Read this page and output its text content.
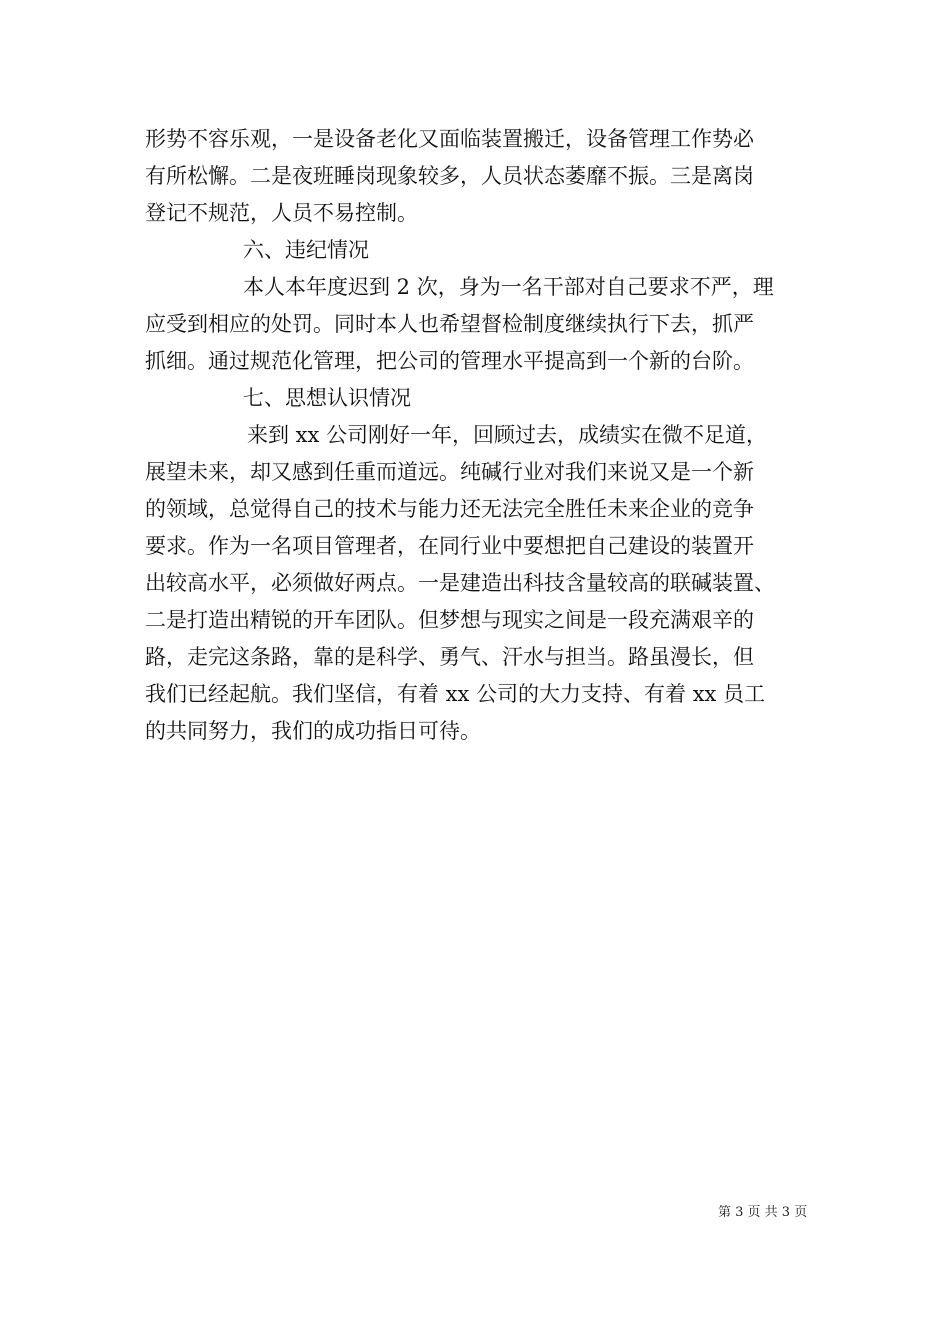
形势不容乐观，一是设备老化又面临装置搬迁，设备管理工作势必
有所松懈。二是夜班睡岗现象较多，人员状态萎靡不振。三是离岗
登记不规范，人员不易控制。
六、违纪情况
本人本年度迟到 2 次，身为一名干部对自己要求不严，理
应受到相应的处罚。同时本人也希望督检制度继续执行下去，抓严
抓细。通过规范化管理，把公司的管理水平提高到一个新的台阶。
七、思想认识情况
来到 xx 公司刚好一年，回顾过去，成绩实在微不足道，
展望未来，却又感到任重而道远。纯碱行业对我们来说又是一个新
的领域，总觉得自己的技术与能力还无法完全胜任未来企业的竞争
要求。作为一名项目管理者，在同行业中要想把自己建设的装置开
出较高水平，必须做好两点。一是建造出科技含量较高的联碱装置、
二是打造出精锐的开车团队。但梦想与现实之间是一段充满艰辛的
路，走完这条路，靠的是科学、勇气、汗水与担当。路虽漫长，但
我们已经起航。我们坚信，有着 xx 公司的大力支持、有着 xx 员工
的共同努力，我们的成功指日可待。
第 3 页 共 3 页
